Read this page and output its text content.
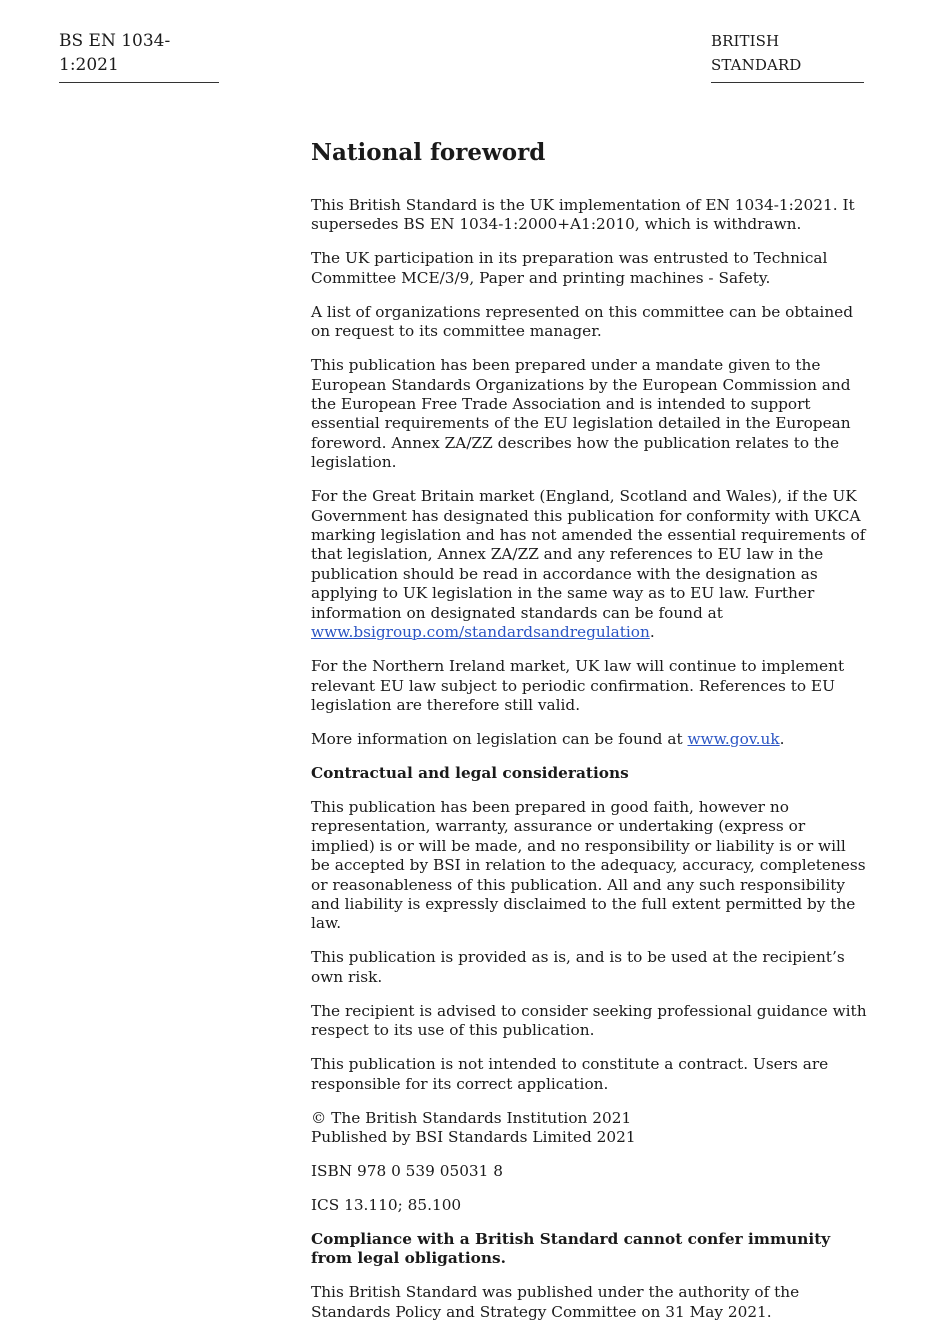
BS EN 1034-1:2021
BRITISH STANDARD
National foreword

This British Standard is the UK implementation of EN 1034-1:2021. It supersedes BS EN 1034-1:2000+A1:2010, which is withdrawn.

The UK participation in its preparation was entrusted to Technical Committee MCE/3/9, Paper and printing machines - Safety.

A list of organizations represented on this committee can be obtained on request to its committee manager.

This publication has been prepared under a mandate given to the European Standards Organizations by the European Commission and the European Free Trade Association and is intended to support essential requirements of the EU legislation detailed in the European foreword. Annex ZA/ZZ describes how the publication relates to the legislation.

For the Great Britain market (England, Scotland and Wales), if the UK Government has designated this publication for conformity with UKCA marking legislation and has not amended the essential requirements of that legislation, Annex ZA/ZZ and any references to EU law in the publication should be read in accordance with the designation as applying to UK legislation in the same way as to EU law. Further information on designated standards can be found at www.bsigroup.com/standardsandregulation.

For the Northern Ireland market, UK law will continue to implement relevant EU law subject to periodic confirmation. References to EU legislation are therefore still valid.

More information on legislation can be found at www.gov.uk.

Contractual and legal considerations

This publication has been prepared in good faith, however no representation, warranty, assurance or undertaking (express or implied) is or will be made, and no responsibility or liability is or will be accepted by BSI in relation to the adequacy, accuracy, completeness or reasonableness of this publication. All and any such responsibility and liability is expressly disclaimed to the full extent permitted by the law.

This publication is provided as is, and is to be used at the recipient’s own risk.

The recipient is advised to consider seeking professional guidance with respect to its use of this publication.

This publication is not intended to constitute a contract. Users are responsible for its correct application.

© The British Standards Institution 2021
Published by BSI Standards Limited 2021

ISBN 978 0 539 05031 8

ICS 13.110; 85.100

Compliance with a British Standard cannot confer immunity from legal obligations.

This British Standard was published under the authority of the Standards Policy and Strategy Committee on 31 May 2021.
